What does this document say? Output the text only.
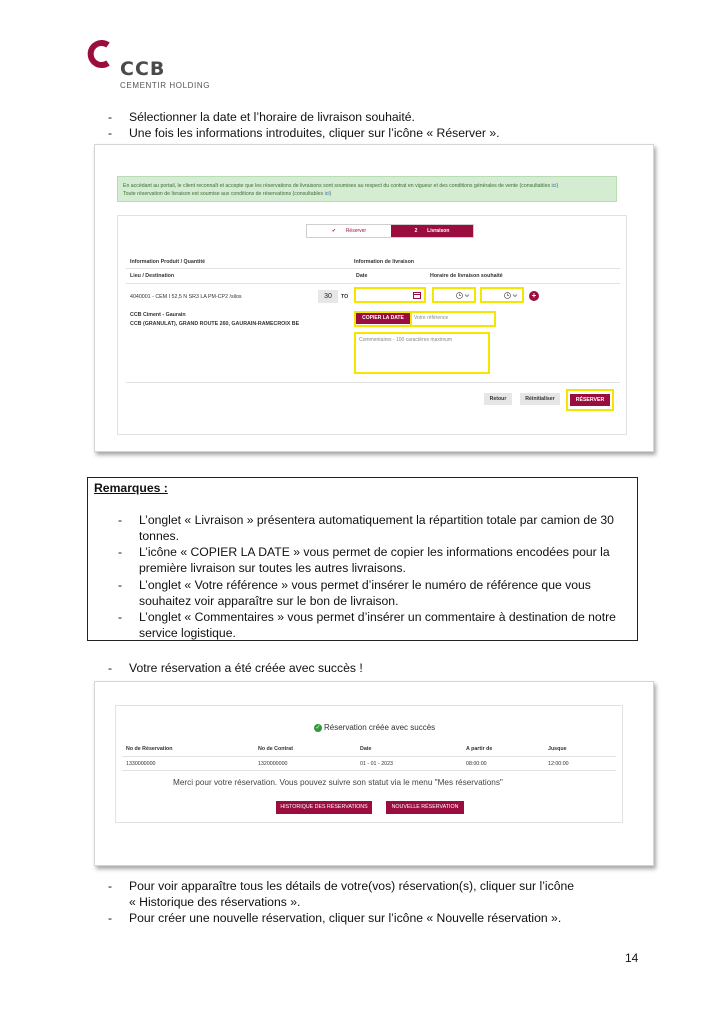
CCB
CEMENTIR HOLDING
- Sélectionner la date et l’horaire de livraison souhaité.
- Une fois les informations introduites, cliquer sur l’icône « Réserver ».
En accédant au portail, le client reconnaît et accepte que les réservations de livraisons sont soumises au respect du contrat en vigueur et des conditions générales de vente (consultables ici)
Toute réservation de livraison est soumise aux conditions de réservations (consultables ici)
✔ Réserver	2 Livraison
Information Produit / Quantité	Information de livraison
Lieu / Destination	Date	Horaire de livraison souhaité
4040001 - CEM I 52,5 N SR3 LA PM-CP2 /silos	30	TO	+
CCB Ciment - Gaurain
CCB (GRANULAT), GRAND ROUTE 260, GAURAIN-RAMECROIX BE
COPIER LA DATE	Votre référence
Commentaires - 100 caractères maximum
Retour	Réinitialiser	RÉSERVER
Remarques :
- L’onglet « Livraison » présentera automatiquement la répartition totale par camion de 30
tonnes.
- L’icône « COPIER LA DATE » vous permet de copier les informations encodées pour la
première livraison sur toutes les autres livraisons.
- L’onglet « Votre référence » vous permet d’insérer le numéro de référence que vous
souhaitez voir apparaître sur le bon de livraison.
- L’onglet « Commentaires » vous permet d’insérer un commentaire à destination de notre
service logistique.
- Votre réservation a été créée avec succès !
✓ Réservation créée avec succès
No de Réservation	No de Contrat	Date	A partir de	Jusque
1330000000	1320000000	01 - 01 - 2023	08:00:00	12:00:00
Merci pour votre réservation. Vous pouvez suivre son statut via le menu "Mes réservations"
HISTORIQUE DES RÉSERVATIONS	NOUVELLE RÉSERVATION
- Pour voir apparaître tous les détails de votre(vos) réservation(s), cliquer sur l’icône
« Historique des réservations ».
- Pour créer une nouvelle réservation, cliquer sur l’icône « Nouvelle réservation ».
14
